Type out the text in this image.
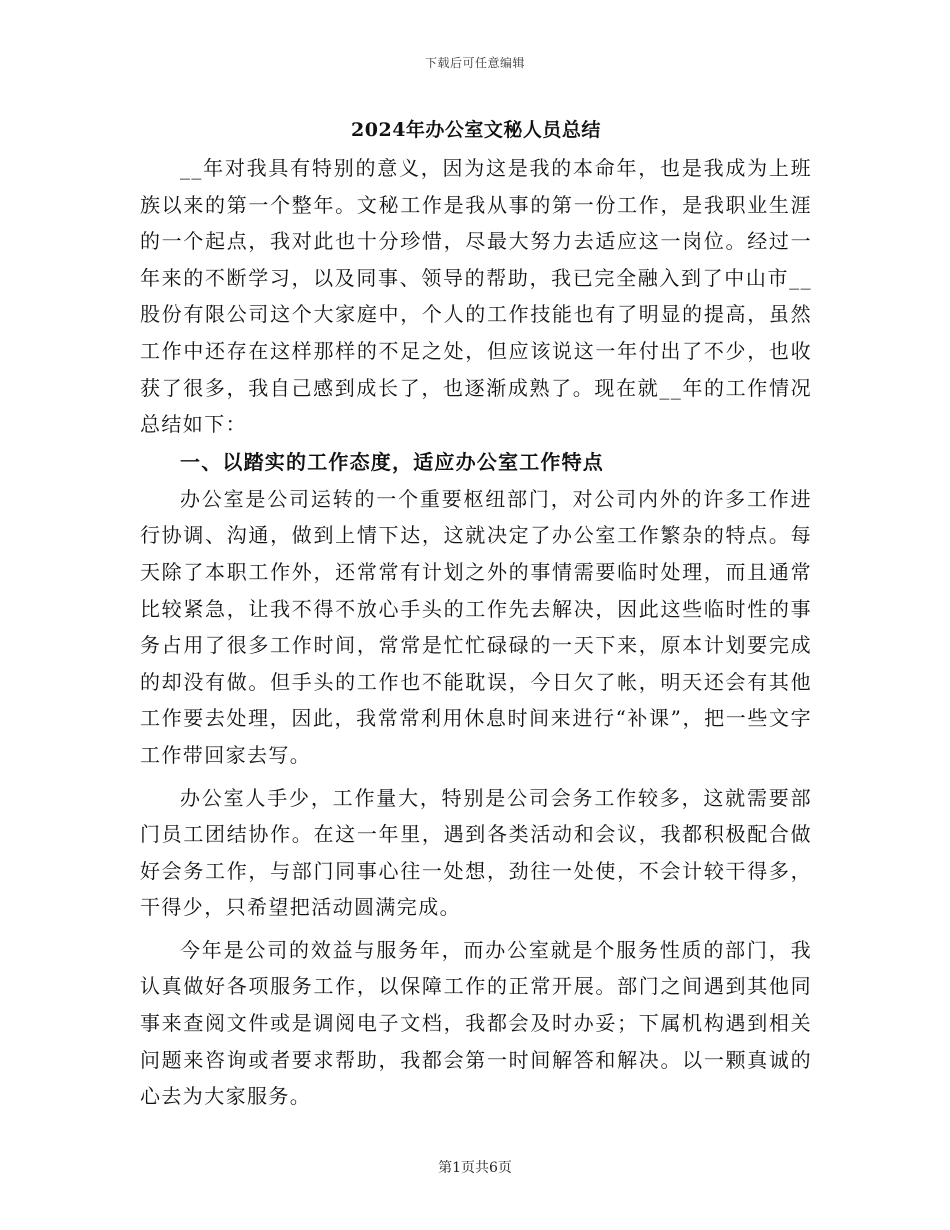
下载后可任意编辑
2024年办公室文秘人员总结

__年对我具有特别的意义，因为这是我的本命年，也是我成为上班族以来的第一个整年。文秘工作是我从事的第一份工作，是我职业生涯的一个起点，我对此也十分珍惜，尽最大努力去适应这一岗位。经过一年来的不断学习，以及同事、领导的帮助，我已完全融入到了中山市__股份有限公司这个大家庭中，个人的工作技能也有了明显的提高，虽然工作中还存在这样那样的不足之处，但应该说这一年付出了不少，也收获了很多，我自己感到成长了，也逐渐成熟了。现在就__年的工作情况总结如下：

一、以踏实的工作态度，适应办公室工作特点

办公室是公司运转的一个重要枢纽部门，对公司内外的许多工作进行协调、沟通，做到上情下达，这就决定了办公室工作繁杂的特点。每天除了本职工作外，还常常有计划之外的事情需要临时处理，而且通常比较紧急，让我不得不放心手头的工作先去解决，因此这些临时性的事务占用了很多工作时间，常常是忙忙碌碌的一天下来，原本计划要完成的却没有做。但手头的工作也不能耽误，今日欠了帐，明天还会有其他工作要去处理，因此，我常常利用休息时间来进行“补课”，把一些文字工作带回家去写。

办公室人手少，工作量大，特别是公司会务工作较多，这就需要部门员工团结协作。在这一年里，遇到各类活动和会议，我都积极配合做好会务工作，与部门同事心往一处想，劲往一处使，不会计较干得多，干得少，只希望把活动圆满完成。

今年是公司的效益与服务年，而办公室就是个服务性质的部门，我认真做好各项服务工作，以保障工作的正常开展。部门之间遇到其他同事来查阅文件或是调阅电子文档，我都会及时办妥；下属机构遇到相关问题来咨询或者要求帮助，我都会第一时间解答和解决。以一颗真诚的心去为大家服务。

第1页共6页
